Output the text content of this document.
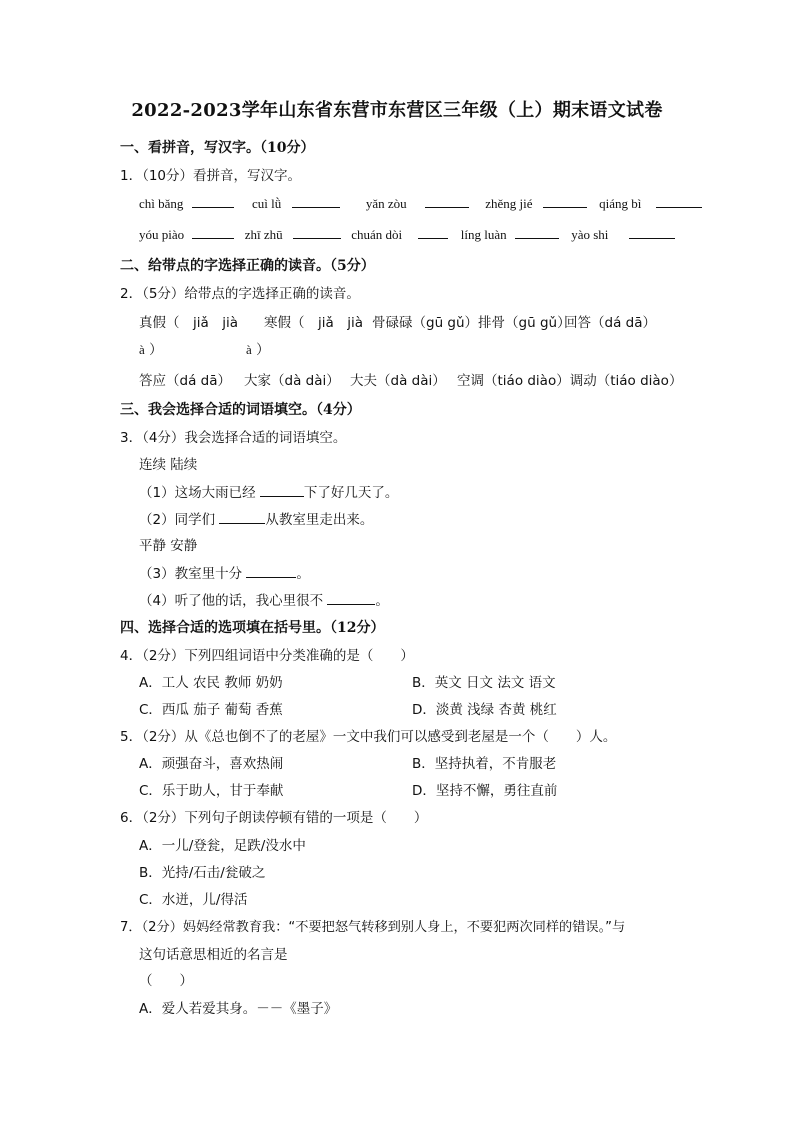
2022-2023学年山东省东营市东营区三年级（上）期末语文试卷
一、看拼音，写汉字。（10分）
1．（10分）看拼音，写汉字。
chì bǎng	cuì lǜ	yǎn zòu	zhěng jié	qiáng bì
yóu piào	zhī zhū	chuán dòi	líng luàn	yào shi
二、给带点的字选择正确的读音。（5分）
2．（5分）给带点的字选择正确的读音。
真假（　jiǎ　jià 寒假（　jiǎ　jià 骨碌碌（gū gǔ）排骨（gū gǔ）
回答（dá dā）
à ）	à ）
答应（dá dā） 大家（dà dài） 大夫（dà dài） 空调（tiáo diào）调动（tiáo diào）
三、我会选择合适的词语填空。（4分）
3．（4分）我会选择合适的词语填空。
连续 陆续
（1）这场大雨已经	下了好几天了。
（2）同学们	从教室里走出来。
平静 安静
（3）教室里十分	。
（4）听了他的话，我心里很不	。
四、选择合适的选项填在括号里。（12分）
4．（2分）下列四组词语中分类准确的是（　　）
A．工人 农民 教师 奶奶	B．英文 日文 法文 语文
C．西瓜 茄子 葡萄 香蕉	D．淡黄 浅绿 杏黄 桃红
5．（2分）从《总也倒不了的老屋》一文中我们可以感受到老屋是一个（　　）人。
A．顽强奋斗，喜欢热闹	B．坚持执着，不肯服老
C．乐于助人，甘于奉献	D．坚持不懈，勇往直前
6．（2分）下列句子朗读停顿有错的一项是（　　）
A．一儿/登瓮，足跌/没水中
B．光持/石击/瓮破之
C．水迸，儿/得活
7．（2分）妈妈经常教育我：“不要把怒气转移到别人身上，不要犯两次同样的错误。”与
这句话意思相近的名言是
（　　）
A．爱人若爱其身。－－《墨子》
